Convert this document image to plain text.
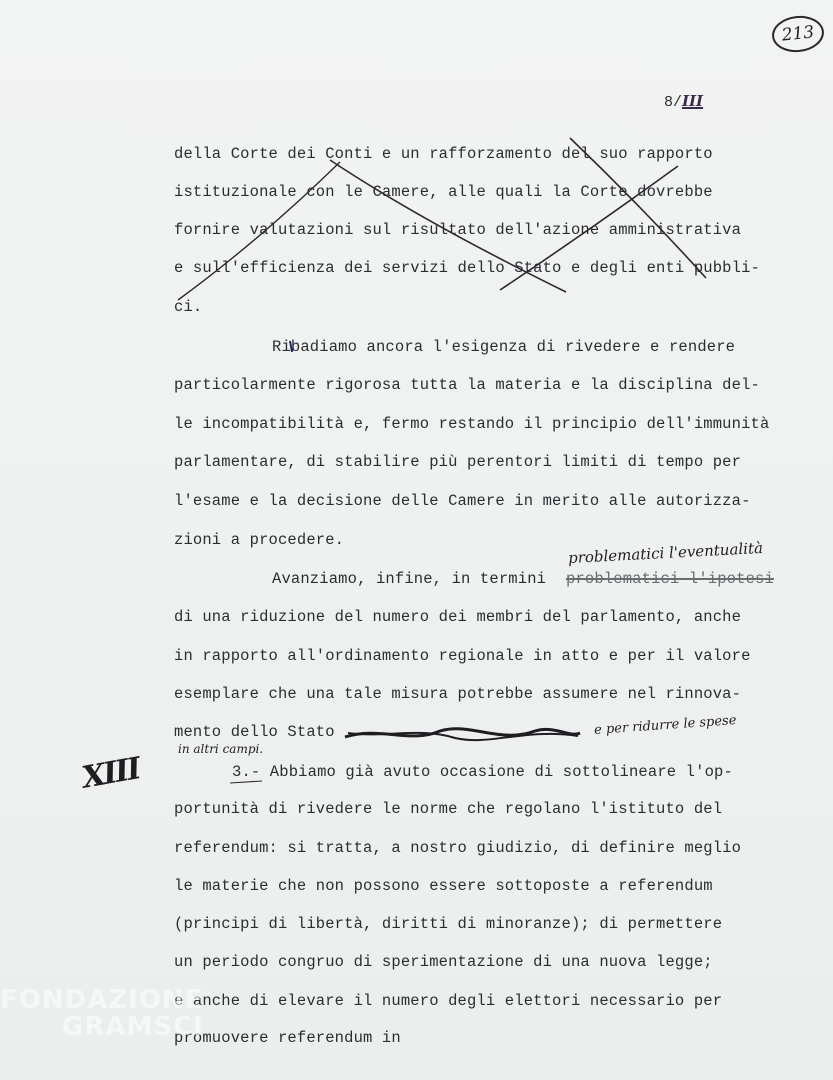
213
8/III
della Corte dei Conti e un rafforzamento del suo rapporto
istituzionale con le Camere, alle quali la Corte dovrebbe
fornire valutazioni sul risultato dell'azione amministrativa
e sull'efficienza dei servizi dello Stato e degli enti pubbli-
ci.
Ribadiamo ancora l'esigenza di rivedere e rendere
particolarmente rigorosa tutta la materia e la disciplina del-
le incompatibilità e, fermo restando il principio dell'immunità
parlamentare, di stabilire più perentori limiti di tempo per
l'esame e la decisione delle Camere in merito alle autorizza-
zioni a procedere.
Avanziamo, infine, in termini problematici l'ipotesi
problematici l'eventualità
di una riduzione del numero dei membri del parlamento, anche
in rapporto all'ordinamento regionale in atto e per il valore
esemplare che una tale misura potrebbe assumere nel rinnova-
mento dello Stato	e per ridurre le spese
in altri campi.
XIII	3.- Abbiamo già avuto occasione di sottolineare l'op-
portunità di rivedere le norme che regolano l'istituto del
referendum: si tratta, a nostro giudizio, di definire meglio
le materie che non possono essere sottoposte a referendum
(principi di libertà, diritti di minoranze); di permettere
un periodo congruo di sperimentazione di una nuova legge;
e anche di elevare il numero degli elettori necessario per
promuovere referendum in
FONDAZIONE
GRAMSCI
